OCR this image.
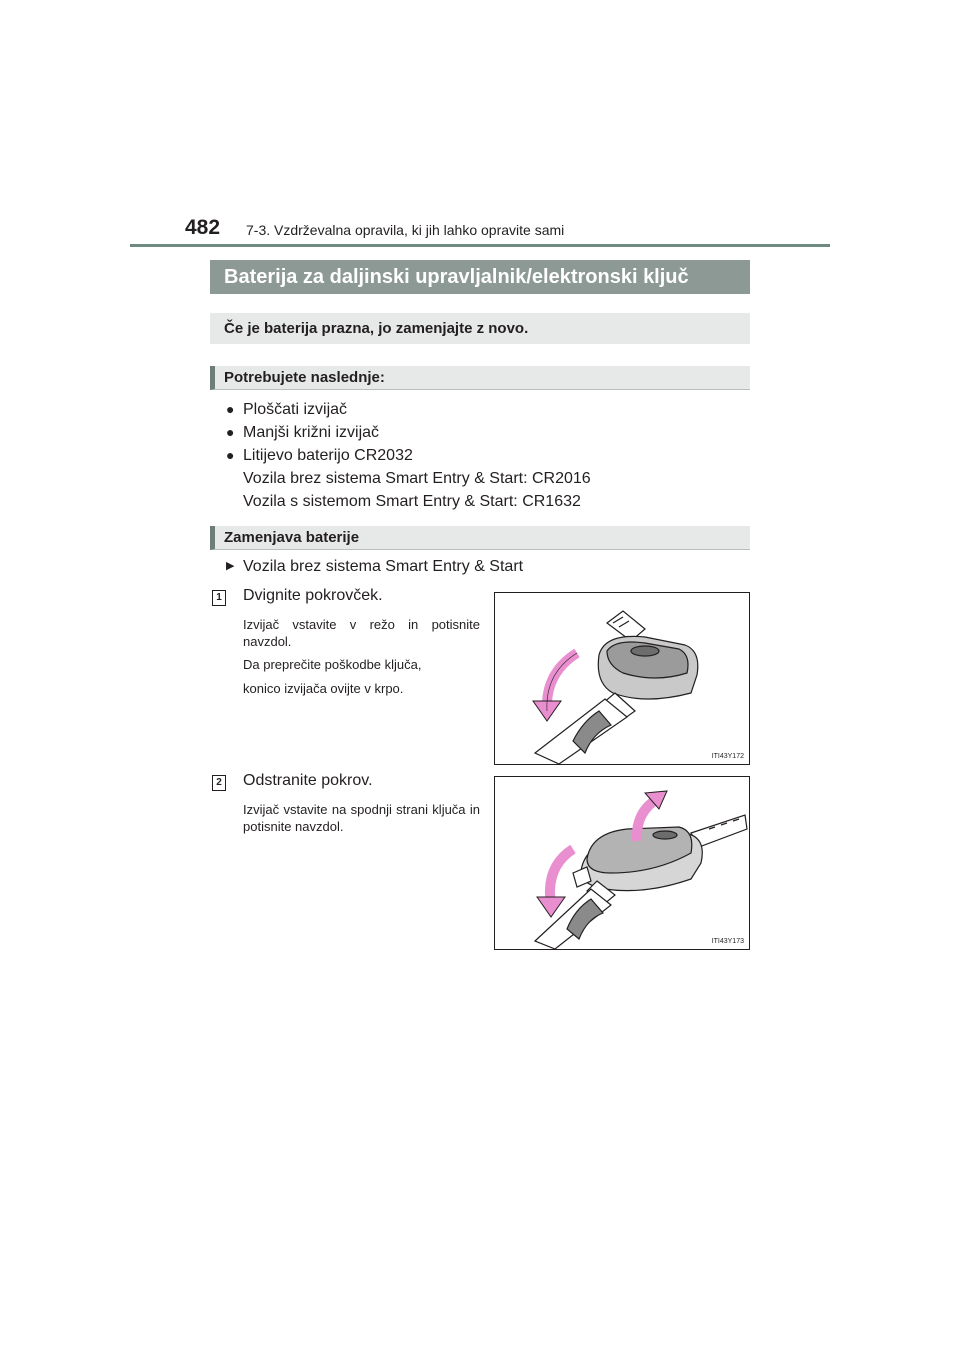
482 7-3. Vzdrževalna opravila, ki jih lahko opravite sami
Baterija za daljinski upravljalnik/elektronski ključ
Če je baterija prazna, jo zamenjajte z novo.
Potrebujete naslednje:
● Ploščati izvijač
● Manjši križni izvijač
● Litijevo baterijo CR2032
Vozila brez sistema Smart Entry & Start: CR2016
Vozila s sistemom Smart Entry & Start: CR1632
Zamenjava baterije
▶ Vozila brez sistema Smart Entry & Start
1 Dvignite pokrovček.
Izvijač vstavite v režo in potisnite navzdol.
Da preprečite poškodbe ključa,
konico izvijača ovijte v krpo.
ITI43Y172
2 Odstranite pokrov.
Izvijač vstavite na spodnji strani ključa in potisnite navzdol.
ITI43Y173
